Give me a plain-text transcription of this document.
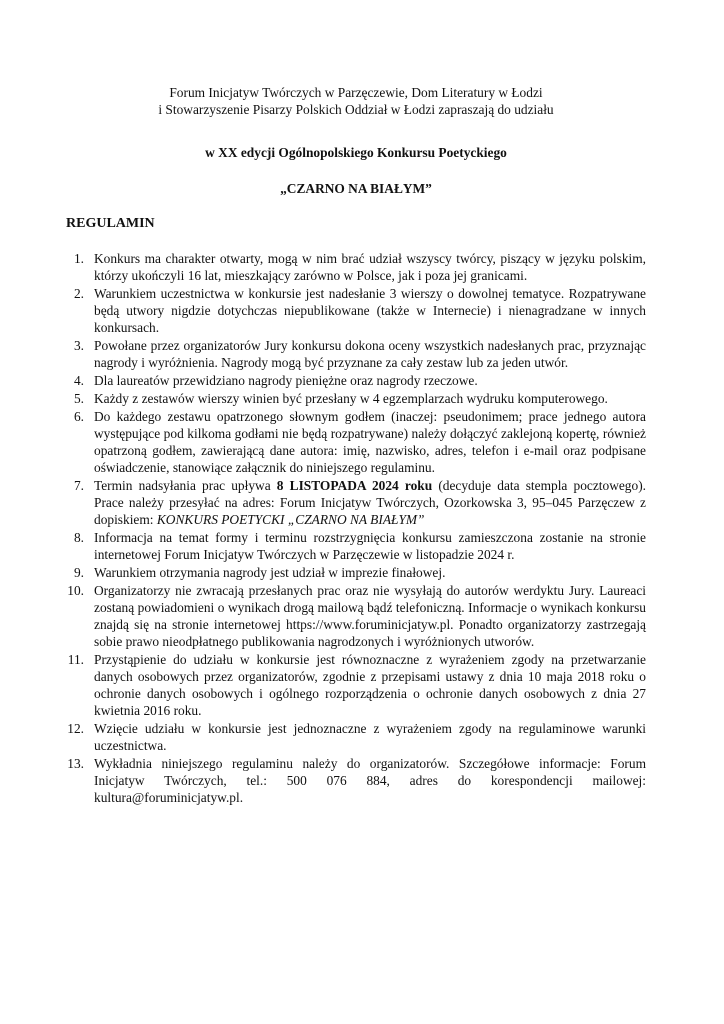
Forum Inicjatyw Twórczych w Parzęczewie, Dom Literatury w Łodzi
i Stowarzyszenie Pisarzy Polskich Oddział w Łodzi zapraszają do udziału
w XX edycji Ogólnopolskiego Konkursu Poetyckiego
„CZARNO NA BIAŁYM”
REGULAMIN
1. Konkurs ma charakter otwarty, mogą w nim brać udział wszyscy twórcy, piszący w języku polskim, którzy ukończyli 16 lat, mieszkający zarówno w Polsce, jak i poza jej granicami.
2. Warunkiem uczestnictwa w konkursie jest nadesłanie 3 wierszy o dowolnej tematyce. Rozpatrywane będą utwory nigdzie dotychczas niepublikowane (także w Internecie) i nienagradzane w innych konkursach.
3. Powołane przez organizatorów Jury konkursu dokona oceny wszystkich nadesłanych prac, przyznając nagrody i wyróżnienia. Nagrody mogą być przyznane za cały zestaw lub za jeden utwór.
4. Dla laureatów przewidziano nagrody pieniężne oraz nagrody rzeczowe.
5. Każdy z zestawów wierszy winien być przesłany w 4 egzemplarzach wydruku komputerowego.
6. Do każdego zestawu opatrzonego słownym godłem (inaczej: pseudonimem; prace jednego autora występujące pod kilkoma godłami nie będą rozpatrywane) należy dołączyć zaklejoną kopertę, również opatrzoną godłem, zawierającą dane autora: imię, nazwisko, adres, telefon i e-mail oraz podpisane oświadczenie, stanowiące załącznik do niniejszego regulaminu.
7. Termin nadsyłania prac upływa 8 LISTOPADA 2024 roku (decyduje data stempla pocztowego). Prace należy przesyłać na adres: Forum Inicjatyw Twórczych, Ozorkowska 3, 95–045 Parzęczew z dopiskiem: KONKURS POETYCKI „CZARNO NA BIAŁYM”
8. Informacja na temat formy i terminu rozstrzygnięcia konkursu zamieszczona zostanie na stronie internetowej Forum Inicjatyw Twórczych w Parzęczewie w listopadzie 2024 r.
9. Warunkiem otrzymania nagrody jest udział w imprezie finałowej.
10. Organizatorzy nie zwracają przesłanych prac oraz nie wysyłają do autorów werdyktu Jury. Laureaci zostaną powiadomieni o wynikach drogą mailową bądź telefoniczną. Informacje o wynikach konkursu znajdą się na stronie internetowej https://www.foruminicjatyw.pl. Ponadto organizatorzy zastrzegają sobie prawo nieodpłatnego publikowania nagrodzonych i wyróżnionych utworów.
11. Przystąpienie do udziału w konkursie jest równoznaczne z wyrażeniem zgody na przetwarzanie danych osobowych przez organizatorów, zgodnie z przepisami ustawy z dnia 10 maja 2018 roku o ochronie danych osobowych i ogólnego rozporządzenia o ochronie danych osobowych z dnia 27 kwietnia 2016 roku.
12. Wzięcie udziału w konkursie jest jednoznaczne z wyrażeniem zgody na regulaminowe warunki uczestnictwa.
13. Wykładnia niniejszego regulaminu należy do organizatorów. Szczegółowe informacje: Forum Inicjatyw Twórczych, tel.: 500 076 884, adres do korespondencji mailowej: kultura@foruminicjatyw.pl.
